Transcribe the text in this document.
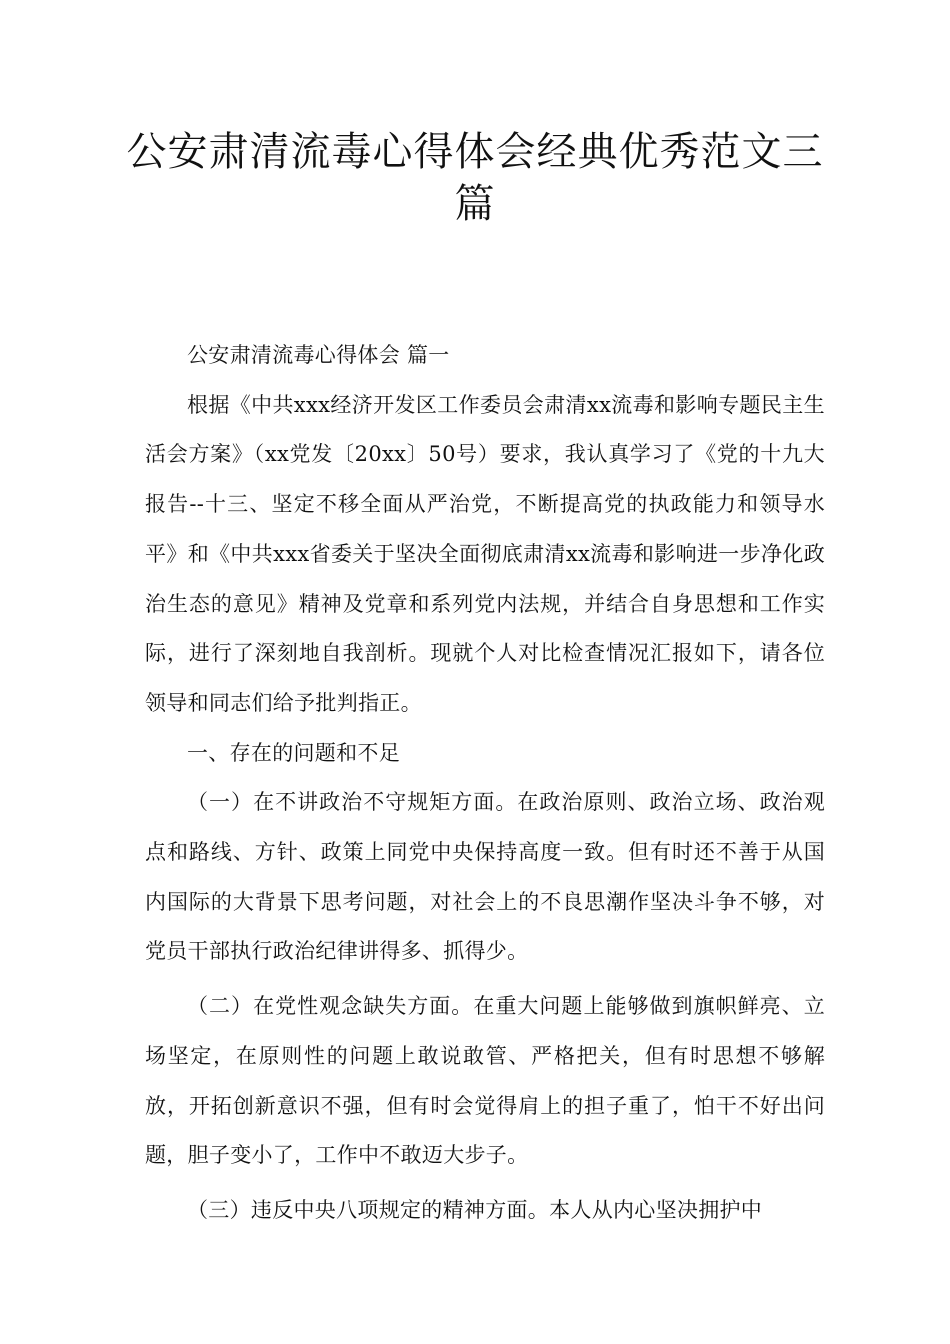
公安肃清流毒心得体会经典优秀范文三篇

公安肃清流毒心得体会 篇一

根据《中共xxx经济开发区工作委员会肃清xx流毒和影响专题民主生活会方案》（xx党发〔20xx〕50号）要求，我认真学习了《党的十九大报告--十三、坚定不移全面从严治党，不断提高党的执政能力和领导水平》和《中共xxx省委关于坚决全面彻底肃清xx流毒和影响进一步净化政治生态的意见》精神及党章和系列党内法规，并结合自身思想和工作实际，进行了深刻地自我剖析。现就个人对比检查情况汇报如下，请各位领导和同志们给予批判指正。

一、存在的问题和不足

（一）在不讲政治不守规矩方面。在政治原则、政治立场、政治观点和路线、方针、政策上同党中央保持高度一致。但有时还不善于从国内国际的大背景下思考问题，对社会上的不良思潮作坚决斗争不够，对党员干部执行政治纪律讲得多、抓得少。

（二）在党性观念缺失方面。在重大问题上能够做到旗帜鲜亮、立场坚定，在原则性的问题上敢说敢管、严格把关，但有时思想不够解放，开拓创新意识不强，但有时会觉得肩上的担子重了，怕干不好出问题，胆子变小了，工作中不敢迈大步子。

（三）违反中央八项规定的精神方面。本人从内心坚决拥护中
